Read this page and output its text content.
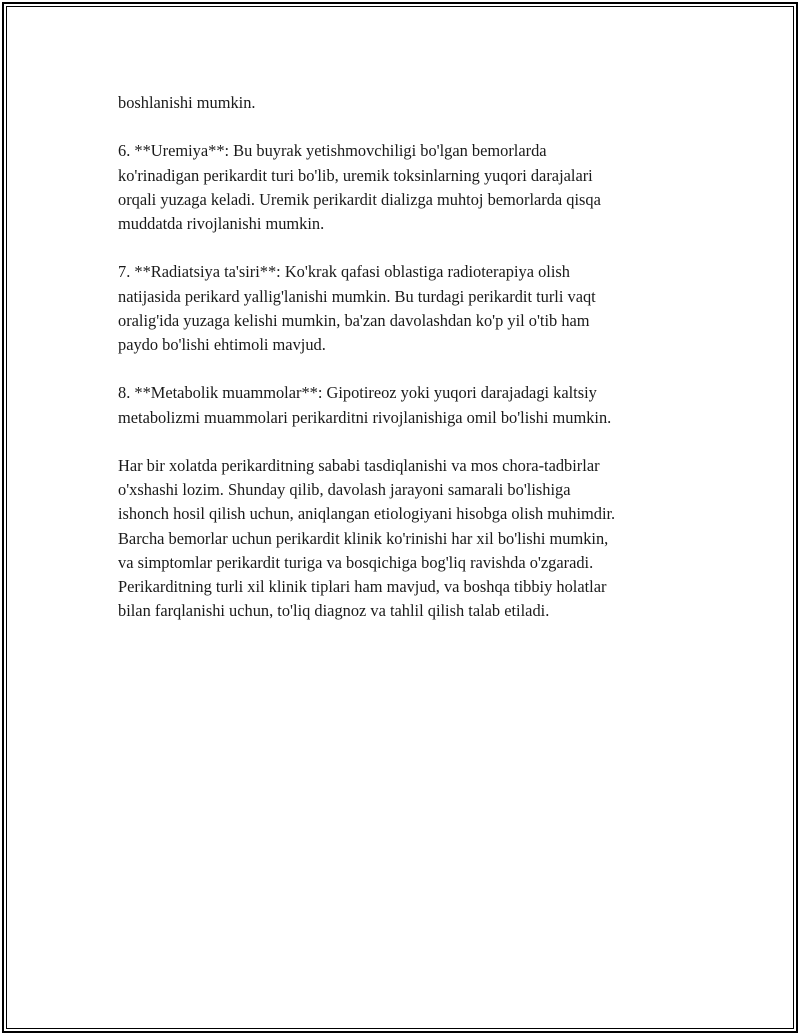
boshlanishi mumkin.

6. **Uremiya**: Bu buyrak yetishmovchiligi bo'lgan bemorlarda
ko'rinadigan perikardit turi bo'lib, uremik toksinlarning yuqori darajalari
orqali yuzaga keladi. Uremik perikardit dializga muhtoj bemorlarda qisqa
muddatda rivojlanishi mumkin.

7. **Radiatsiya ta'siri**: Ko'krak qafasi oblastiga radioterapiya olish
natijasida perikard yallig'lanishi mumkin. Bu turdagi perikardit turli vaqt
oralig'ida yuzaga kelishi mumkin, ba'zan davolashdan ko'p yil o'tib ham
paydo bo'lishi ehtimoli mavjud.

8. **Metabolik muammolar**: Gipotireoz yoki yuqori darajadagi kaltsiy
metabolizmi muammolari perikarditni rivojlanishiga omil bo'lishi mumkin.

Har bir xolatda perikarditning sababi tasdiqlanishi va mos chora-tadbirlar
o'xshashi lozim. Shunday qilib, davolash jarayoni samarali bo'lishiga
ishonch hosil qilish uchun, aniqlangan etiologiyani hisobga olish muhimdir.
Barcha bemorlar uchun perikardit klinik ko'rinishi har xil bo'lishi mumkin,
va simptomlar perikardit turiga va bosqichiga bog'liq ravishda o'zgaradi.
Perikarditning turli xil klinik tiplari ham mavjud, va boshqa tibbiy holatlar
bilan farqlanishi uchun, to'liq diagnoz va tahlil qilish talab etiladi.
